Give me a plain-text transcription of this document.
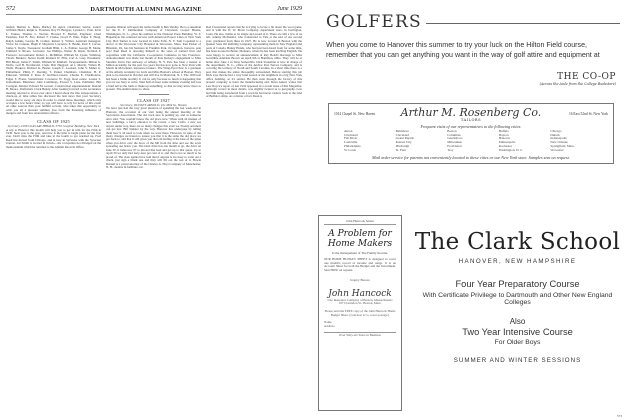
572	DARTMOUTH ALUMNI MAGAZINE	June 1929

tended, Herbert G. Belsa, Hartley M. Ayres, Chairman; Senior, Lenoir Gilfillan Heald, Ralph A. Freeman, Roy H. Burgess, Lyndon C. Pratt, Kvin L. Faunes, Thomas L. Norton, Howard E. Bartlett. Engineer: Charl Eastman, Earl B. Fitz, Robert F. Clarke, Lloyd E. Pike, Edgar F. Hoag, Ralph Adams, George H. Cramer, Robert S. Wilder. Assistant managers: Victor M. Cannon, Hugh P. Maynard, Lawrence E. Bruhn, Paul F. Carver, James S. Doyle. Treasurers: Gorham Blim, C. A. Palmer, George H. Monk, Winfield S. Rivers. Lecturers: Joe Phillips, Walter B. Rusts, Norman F. Foreacre. Accountants: Robert L. McMillan, William M. Lyons, Winthrop Tirrell. Bankers: Nestor Keith, Richard W. Ellis, Carl A. Gray. Presidents: Bill Blood, James F. Smith, William W. Kimball. Vicepresidents: Milton G. Wolfe, Leif B. Nordstrand. Clerk: Bob Haggard, Al I. Merritt, Wilton H. Webb. Brokers: Richard K. Hester, Joseph C. Leonard, John V. Maher Jr. Embalmers: Philip F. Deering, T. Parker Chambers. Chemists: H. P. Emerson, William F. Ross Jr. Architect-raisers: Charles E. Chadbourne, Edgar F. Evans. Statisticians: Lawrence W. Fogg. Real estate: Louise S. Gattermann. Ministers: John Commings, Everett S. Lane. Publisher: Bill Corrigan. Dentist: Edward M. Gewert. Construction superintendent: Donald B. Moore. Draftsman: Clark Bundy. After looking forward to the secretaries meeting referred to above ever since I heard about the fine transportation, a check-up of time tables has disclosed the best news that your Secretary would like to away six days in order to attend those meetings, which only occupies a few hours' time; so you will have to rely for news of this event on other sources than your faithful servant, who takes this opportunity to wish you all a pleasant summer, free from the harassing influence of mergers and from low endowment officers.

CLASS OF 1925
Secretary, DOUGLAS ARCHIBALD, 3750 Graybar Building, New York

A trip to Hanover this month will help you to get in trim for the Fifth in 1930. Next year is the year, and now is the time to begin plans for the first ever. Don't miss the Fifth and take in the fourth to get warmed up. Fred Reed has moved from Chicago, and is now in Syracuse with the Syracuse Journal. Art Smith is located in Toledo—his occupation not divulged on the memorandum which he returned to the Alumni Records Office.

Another Ohioan will upon his native health is Ben Westby. He is a salesman for the E. F. Zimmerman Company of Cleveland. Cooper Blonie, Washington, D. C., gives his address as the National Press Building. W. F. Hagemeyer has returned success with American Export Lines of New York City. Bob Tanner is now located in Little Falls, N. Y. Sam Copeland is a doctor at the Worcester City Hospital in Worcester, Mass. Ken Parker of Hinsdale, Ill., has his business in Franklin Park. Occupation, brewers, pale pop! Paul Reed is devoting himself to the sales of canned fruit and vegetables with the California Co-operative Canneries in San Francisco. Announcement was made last month of Pete Kelsey's engagement to Miss Suzanne Irwin Van Antwerp of Albany, N. Y. Pete has been a master at Milton Academy for the past two years but has now gone to New York with Marsh & McLennan, insurance brokers. The Wing-Eyed Pete is a graduate of the Albany Academy for Girls and Miss Baxton's school of Boston. They plan to be married in October and will live in Montclair, N. J. The 1930 reel has been a blank recently. It can be only because so much is happening that you are too busy to write. Take half an hour some summer evening and toss a brief tell us the truth or make up something, so that we may know more to present. The alumni desire to share.

CLASS OF 1927
Secretary, DUDLEY ARNOLD, 101 Milk St., Boston

We have just had the very great pleasure of spending the last week-end in Hanover, the occasion of our visit being the annual meeting of the Secretaries Association. The old town sure is perking up, and as someone once said, 'You wouldn't know the old place now.' When with all manner of new buildings, a fancy entrance to the tavern, a new Crafts, a new sea airport under way, there are so many changes that even we Twenty-seveners can get lost. Bill Sphaler by the way, Hanover has undergone by telling them how it all used to look when we were there. However, in spite of the many changes we hasten to assure you that it is the same the old place we got back to, and that it still gives you that old feeling at the base of the spine when you drive over the brow of the hill from the Inne and see the town spreading out below you. The band drive has one month to go, the drive on June 30. It behooves '27 to discard that lead and get up to that quota. Up to April 30 we only had forty-four per cent of it, and that is not so much to be proud of. The class agents have said that if anyone is too busy to write out a check, just sign a blank one and they will fill out the rest of it. Howie Russell is a proud attorney of the Charles A. Hoyt Company of Manchester, N. H., dealers in furniture, etc.

Rod Cleaveland reports that he is trying to locate a bit about the wool game, and is with the W. W. Marts Company, department store, in Torrington, Conn. He also claims to be single and proud of it. There are still a few of us left. Johnny McDonald, who transferred to Yale at the end of our second year, graduated from there in 1927. He is now located in Boston with the Quaker State Oil Refining Company, representing them in New England and parts of Canada. Bunny Hands, who had just been heard from for some time, has been located in Berne, Montana, where he has been teaching English. We were happy to receive an announcement of Ray Bond's marriage to Miss Geraldine Adelaide Brown on April 9th at Hamilton, Ohio. They will be at home after June 1 in West Somerville. Dick Stoneman is now in charge of the department, N. C., office of the Anchor Post Fences Company, and is covering the territory of North and South Carolina. In a short time there is a post that makes the entire thoroughly surrounded. Before starting this job Dick says that he had a very brief season at the neighbors in a big New York office building, so it's settled. He then went through the factory of this present company to learn the manufacturing end. Dean Askew writes that Lew Royce's report of last 1934 appeared in a recent issue of this Magazine, although correct in most details, was slightly twisted as to geography. Lew had him being transferred from a town he had never visited, back to the land of Buffalo's ships. As a matter of fact Dean is

GOLFERS
When you come to Hanover this summer to try your luck on the Hilton Field course, remember that you can get anything you want in the way of golf attire and equipment at
THE CO-OP
(Across the Aisle from the College Bookstore)
1014 Chapel St. New Haven Arthur M. Rosenberg Co.
TAILORS
16 East 52nd St. New York
Frequent visits of our representatives to the following cities:
Akron	Baltimore	Boston	Buffalo	Chicago
Cincinnati	Cleveland	Columbus	Dayton	Duluth
Fall River	Grand Rapids	Greensboro	Hanover	Indianapolis
Louisville	Kansas City	Milwaukee	Minneapolis	New Orleans
Philadelphia	Pittsburgh	Providence	Rochester	Springfield, Mass.
St. Louis	St. Paul	Troy	Washington, D. C.	Worcester
Mail order service for patrons not conveniently located to these cities or our New York store. Samples sent on request.
John Hancock Series
A Problem for Home Makers
Is the management of The Family Income.
OUR HOME BUDGET SHEET is designed to cover one month's record of income and outgo. It is an Account Sheet for both the Budget and the Investment. Sent FREE on request.
Inquiry Bureau
John Hancock
Life Insurance Company of Boston, Massachusetts
197 Clarendon St., Boston, Mass.
Please send me FREE copy of the John Hancock Home Budget Sheet. (I enclose 2c to cover postage.)
Name
Address
Over Sixty-six Years in Business
The Clark School
HANOVER, NEW HAMPSHIRE
Four Year Preparatory Course
With Certificate Privilege to Dartmouth and Other New England Colleges
Also
Two Year Intensive Course
For Older Boys
SUMMER AND WINTER SESSIONS
573
